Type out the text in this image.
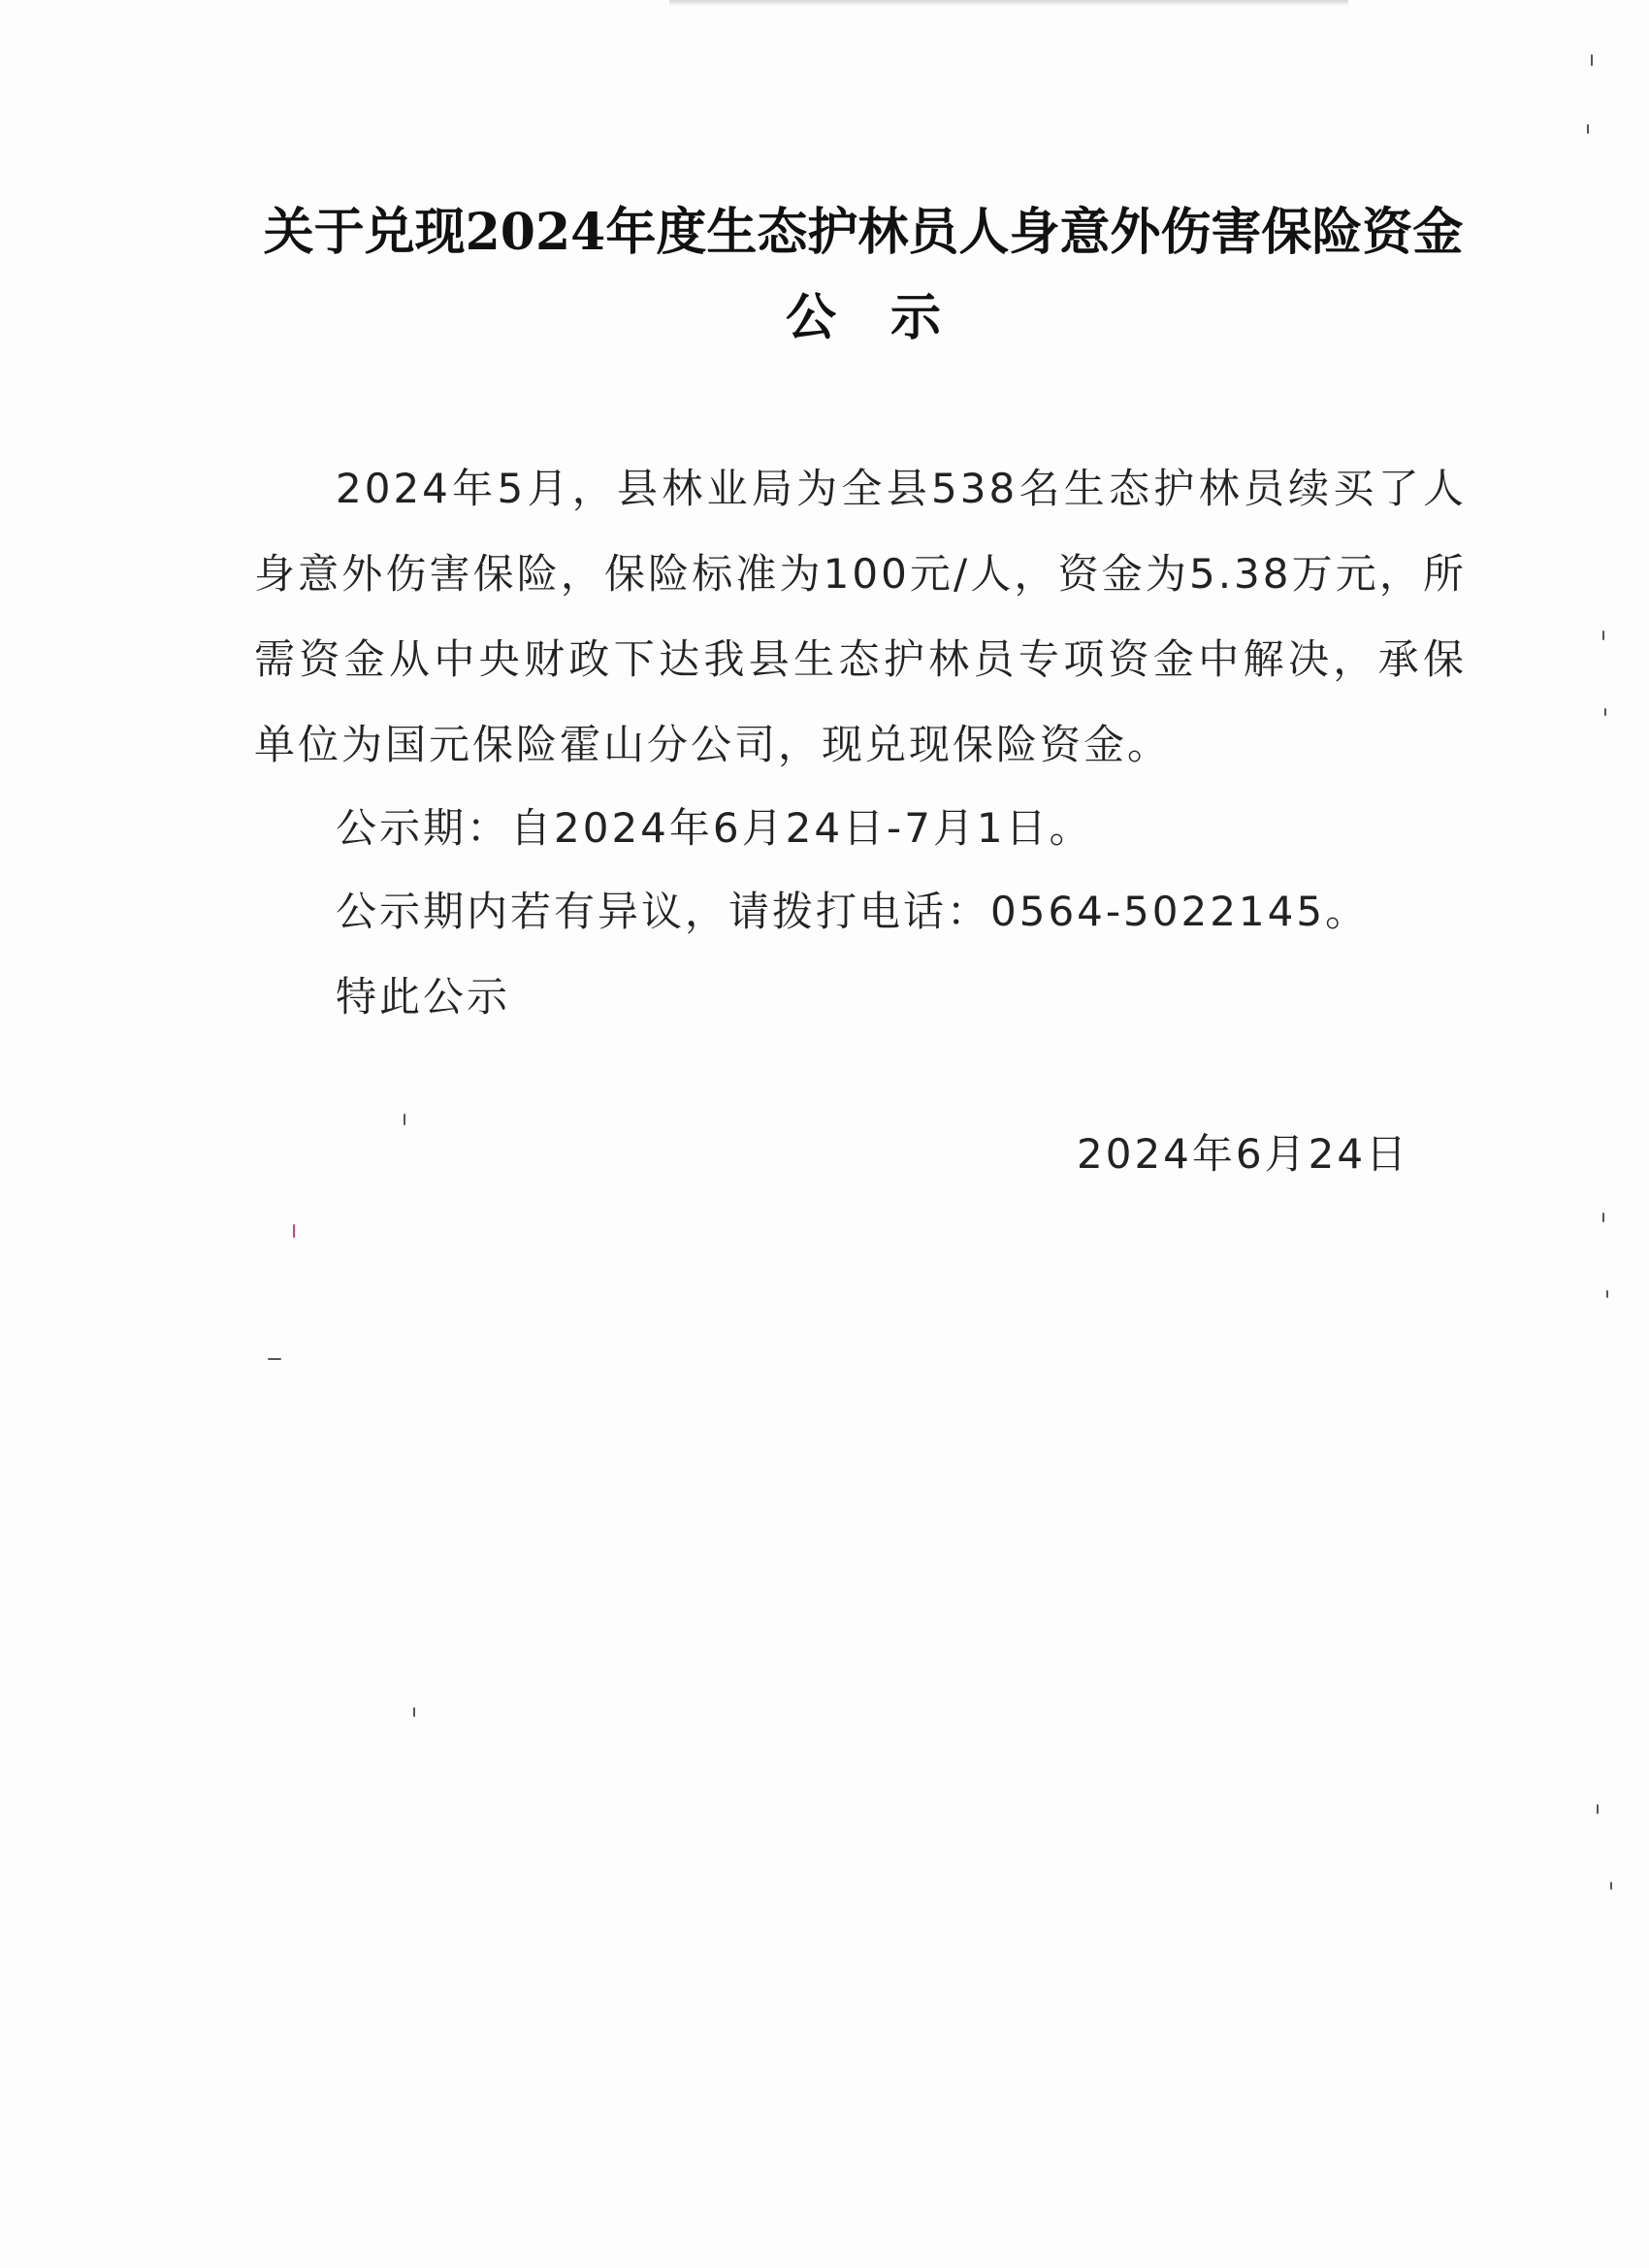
关于兑现2024年度生态护林员人身意外伤害保险资金
公示

2024年5月，县林业局为全县538名生态护林员续买了人身意外伤害保险，保险标准为100元/人，资金为5.38万元，所需资金从中央财政下达我县生态护林员专项资金中解决，承保单位为国元保险霍山分公司，现兑现保险资金。

公示期：自2024年6月24日-7月1日。
公示期内若有异议，请拨打电话：0564-5022145。
特此公示
2024年6月24日
